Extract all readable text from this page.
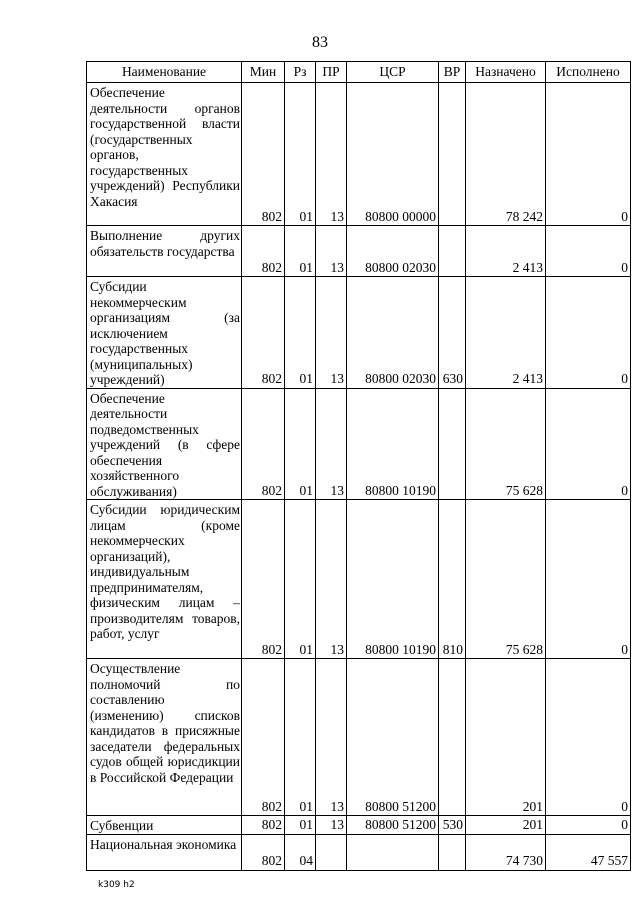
83
Наименование	Мин	Рз	ПР	ЦСР	ВР	Назначено	Исполнено
Обеспечение деятельности органов государственной власти (государственных органов, государственных учреждений) Республики Хакасия	802	01	13	80800 00000		78 242	0
Выполнение других обязательств государства	802	01	13	80800 02030		2 413	0
Субсидии некоммерческим организациям (за исключением государственных (муниципальных) учреждений)	802	01	13	80800 02030	630	2 413	0
Обеспечение деятельности подведомственных учреждений (в сфере обеспечения хозяйственного обслуживания)	802	01	13	80800 10190		75 628	0
Субсидии юридическим лицам (кроме некоммерческих организаций), индивидуальным предпринимателям, физическим лицам – производителям товаров, работ, услуг	802	01	13	80800 10190	810	75 628	0
Осуществление полномочий по составлению (изменению) списков кандидатов в присяжные заседатели федеральных судов общей юрисдикции в Российской Федерации	802	01	13	80800 51200		201	0
Субвенции	802	01	13	80800 51200	530	201	0
Национальная экономика	802	04				74 730	47 557
k309 h2
